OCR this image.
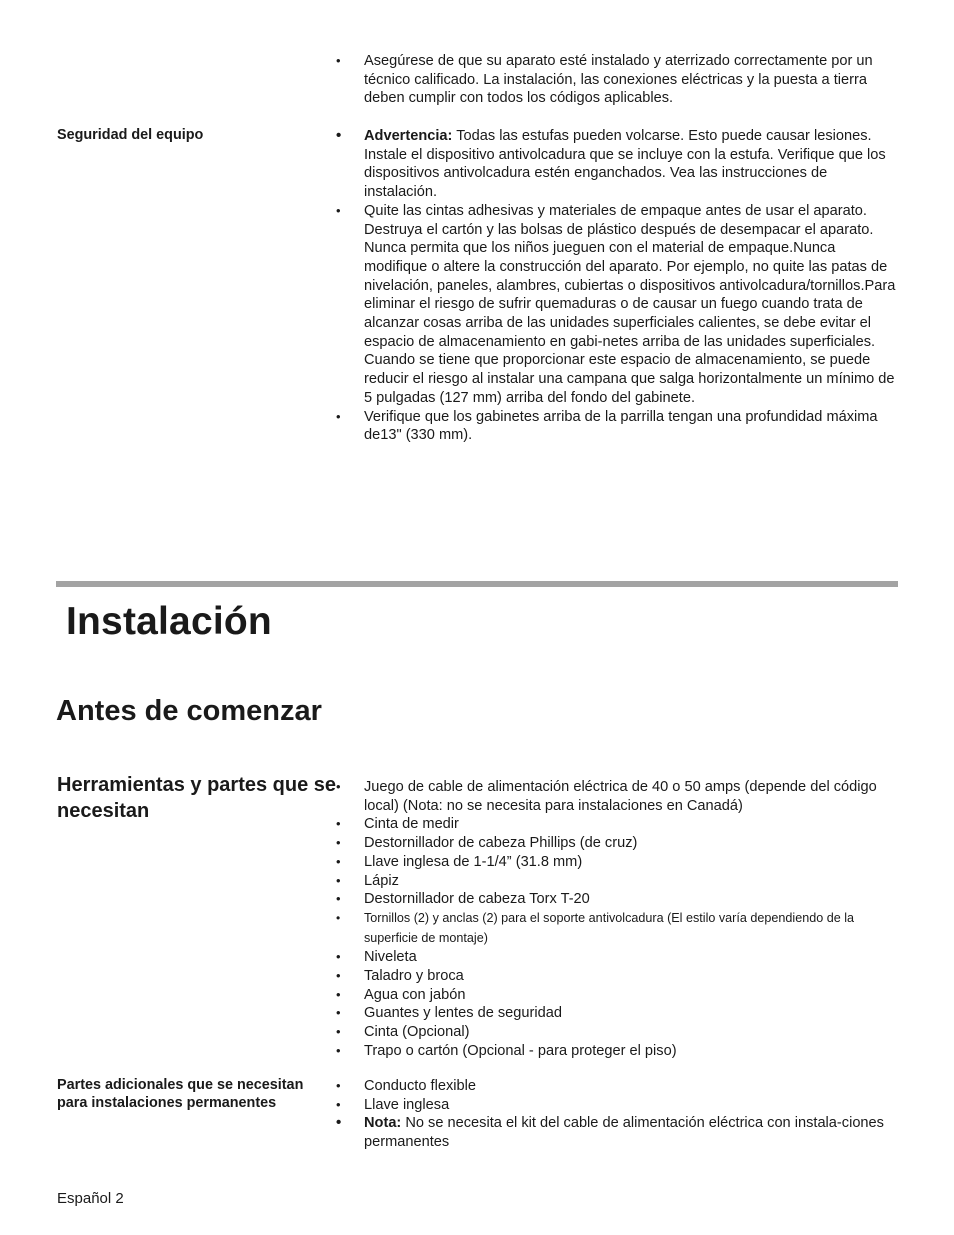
• Asegúrese de que su aparato esté instalado y aterrizado correctamente por un técnico calificado. La instalación, las conexiones eléctricas y la puesta a tierra deben cumplir con todos los códigos aplicables.
Seguridad del equipo
•	Advertencia: Todas las estufas pueden volcarse. Esto puede causar lesiones. Instale el dispositivo antivolcadura que se incluye con la estufa. Verifique que los dispositivos antivolcadura estén enganchados. Vea las instrucciones de instalación.
• Quite las cintas adhesivas y materiales de empaque antes de usar el aparato. Destruya el cartón y las bolsas de plástico después de desempacar el aparato. Nunca permita que los niños jueguen con el material de empaque.Nunca modifique o altere la construcción del aparato. Por ejemplo, no quite las patas de nivelación, paneles, alambres, cubiertas o dispositivos antivolcadura/tornillos.Para eliminar el riesgo de sufrir quemaduras o de causar un fuego cuando trata de alcanzar cosas arriba de las unidades superficiales calientes, se debe evitar el espacio de almacenamiento en gabi-netes arriba de las unidades superficiales. Cuando se tiene que proporcionar este espacio de almacenamiento, se puede reducir el riesgo al instalar una campana que salga horizontalmente un mínimo de 5 pulgadas (127 mm) arriba del fondo del gabinete.
• Verifique que los gabinetes arriba de la parrilla tengan una profundidad máxima de13" (330 mm).
Instalación
Antes de comenzar
Herramientas y partes que se necesitan
• Juego de cable de alimentación eléctrica de 40 o 50 amps (depende del código local) (Nota: no se necesita para instalaciones en Canadá)
• Cinta de medir
• Destornillador de cabeza Phillips (de cruz)
• Llave inglesa de 1-1/4” (31.8 mm)
• Lápiz
• Destornillador de cabeza Torx T-20
• Tornillos (2) y anclas (2) para el soporte antivolcadura (El estilo varía dependiendo de la superficie de montaje)
• Niveleta
• Taladro y broca
• Agua con jabón
• Guantes y lentes de seguridad
• Cinta (Opcional)
• Trapo o cartón (Opcional - para proteger el piso)
Partes adicionales que se necesitan para instalaciones permanentes
• Conducto flexible
• Llave inglesa
• Nota: No se necesita el kit del cable de alimentación eléctrica con instala-ciones permanentes
Español 2
